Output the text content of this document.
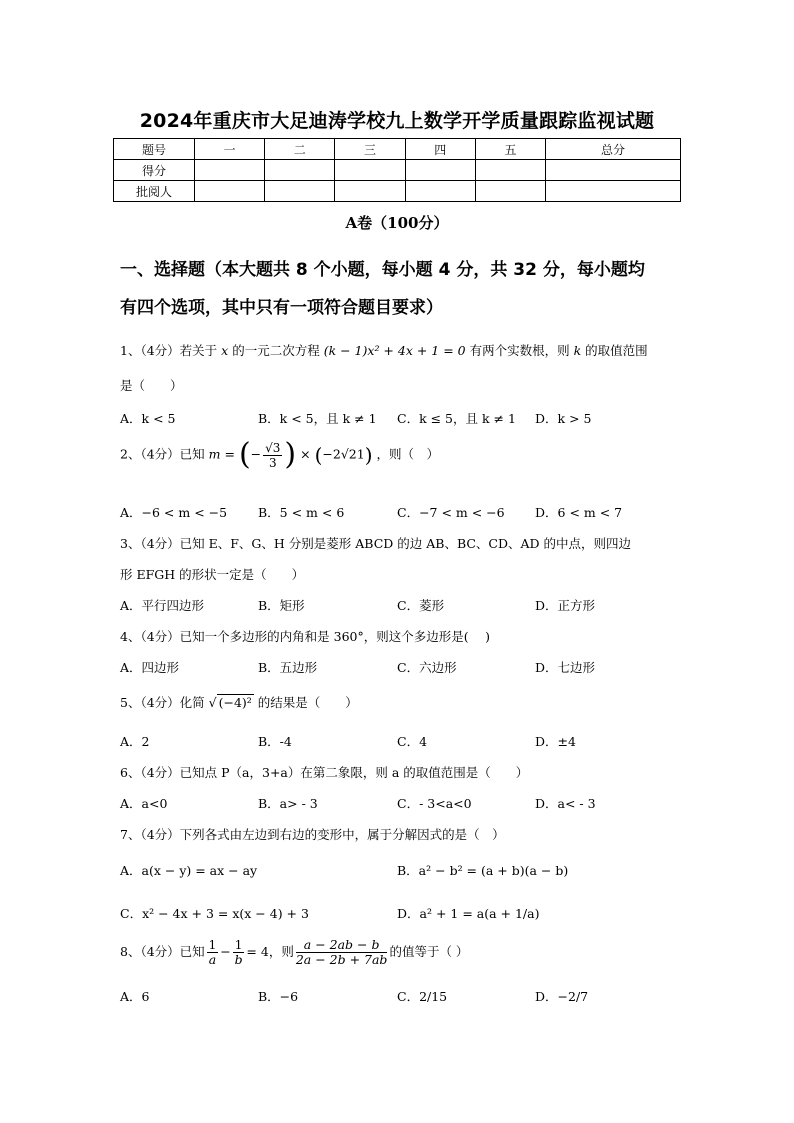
2024年重庆市大足迪涛学校九上数学开学质量跟踪监视试题
题号	一	二	三	四	五	总分
得分						
批阅人						
A卷（100分）
一、选择题（本大题共 8 个小题，每小题 4 分，共 32 分，每小题均
有四个选项，其中只有一项符合题目要求）
1、（4分）若关于 x 的一元二次方程 (k − 1)x² + 4x + 1 = 0 有两个实数根，则 k 的取值范围
是（　　）
A．k < 5	B．k < 5，且 k ≠ 1 C．k ≤ 5，且 k ≠ 1 D．k > 5
2、（4分）已知 m = (− $\frac{√3}{3}$ ) × (−2√21) ，则（　）
A．−6 < m < −5 B．5 < m < 6	C．−7 < m < −6 D．6 < m < 7
3、（4分）已知 E、F、G、H 分别是菱形 ABCD 的边 AB、BC、CD、AD 的中点，则四边
形 EFGH 的形状一定是（　　）
A．平行四边形	B．矩形	C．菱形	D．正方形
4、（4分）已知一个多边形的内角和是 360°，则这个多边形是(　 )
A．四边形	B．五边形	C．六边形	D．七边形
5、（4分）化简 √ (−4)² 的结果是（　　）
A．2	B．-4	C．4	D．±4
6、（4分）已知点 P（a，3+a）在第二象限，则 a 的取值范围是（　　）
A．a<0	B．a> - 3	C．- 3<a<0	D．a< - 3
7、（4分）下列各式由左边到右边的变形中，属于分解因式的是（　）
A．a(x − y) = ax − ay	B．a² − b² = (a + b)(a − b)
C．x² − 4x + 3 = x(x − 4) + 3	D．a² + 1 = a(a + 1/a)
8、（4分）已知 $\frac{1}{a} - \frac{1}{b} = 4$，则 $\frac{a - 2ab - b}{2a - 2b + 7ab}$ 的值等于（ ）
A．6	B．−6	C．2/15	D．−2/7
